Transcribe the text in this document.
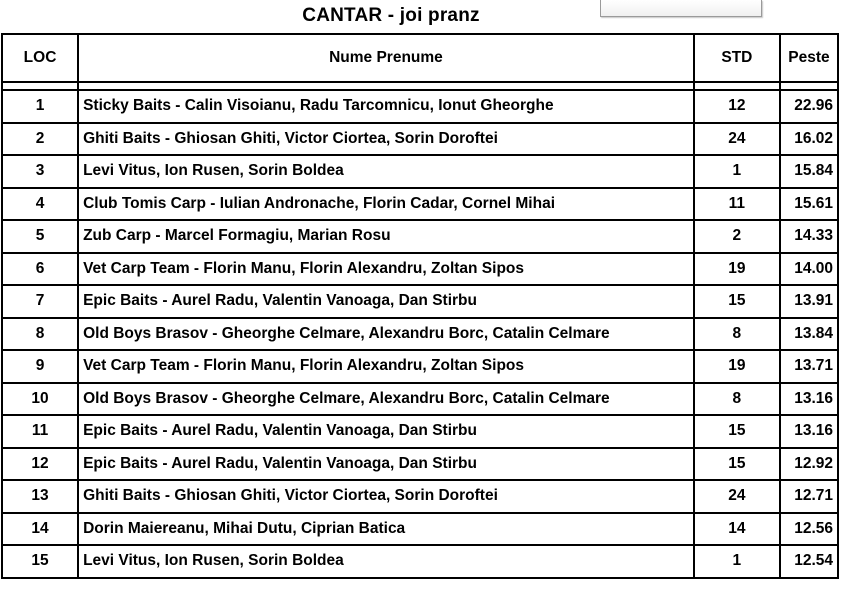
CANTAR - joi pranz
LOC	Nume Prenume	STD	Peste

1	Sticky Baits - Calin Visoianu, Radu Tarcomnicu, Ionut Gheorghe	12	22.96
2	Ghiti Baits - Ghiosan Ghiti, Victor Ciortea, Sorin Doroftei	24	16.02
3	Levi Vitus, Ion Rusen, Sorin Boldea	1	15.84
4	Club Tomis Carp - Iulian Andronache, Florin Cadar, Cornel Mihai	11	15.61
5	Zub Carp - Marcel Formagiu, Marian Rosu	2	14.33
6	Vet Carp Team - Florin Manu, Florin Alexandru, Zoltan Sipos	19	14.00
7	Epic Baits - Aurel Radu, Valentin Vanoaga, Dan Stirbu	15	13.91
8	Old Boys Brasov - Gheorghe Celmare, Alexandru Borc, Catalin Celmare	8	13.84
9	Vet Carp Team - Florin Manu, Florin Alexandru, Zoltan Sipos	19	13.71
10	Old Boys Brasov - Gheorghe Celmare, Alexandru Borc, Catalin Celmare	8	13.16
11	Epic Baits - Aurel Radu, Valentin Vanoaga, Dan Stirbu	15	13.16
12	Epic Baits - Aurel Radu, Valentin Vanoaga, Dan Stirbu	15	12.92
13	Ghiti Baits - Ghiosan Ghiti, Victor Ciortea, Sorin Doroftei	24	12.71
14	Dorin Maiereanu, Mihai Dutu, Ciprian Batica	14	12.56
15	Levi Vitus, Ion Rusen, Sorin Boldea	1	12.54
